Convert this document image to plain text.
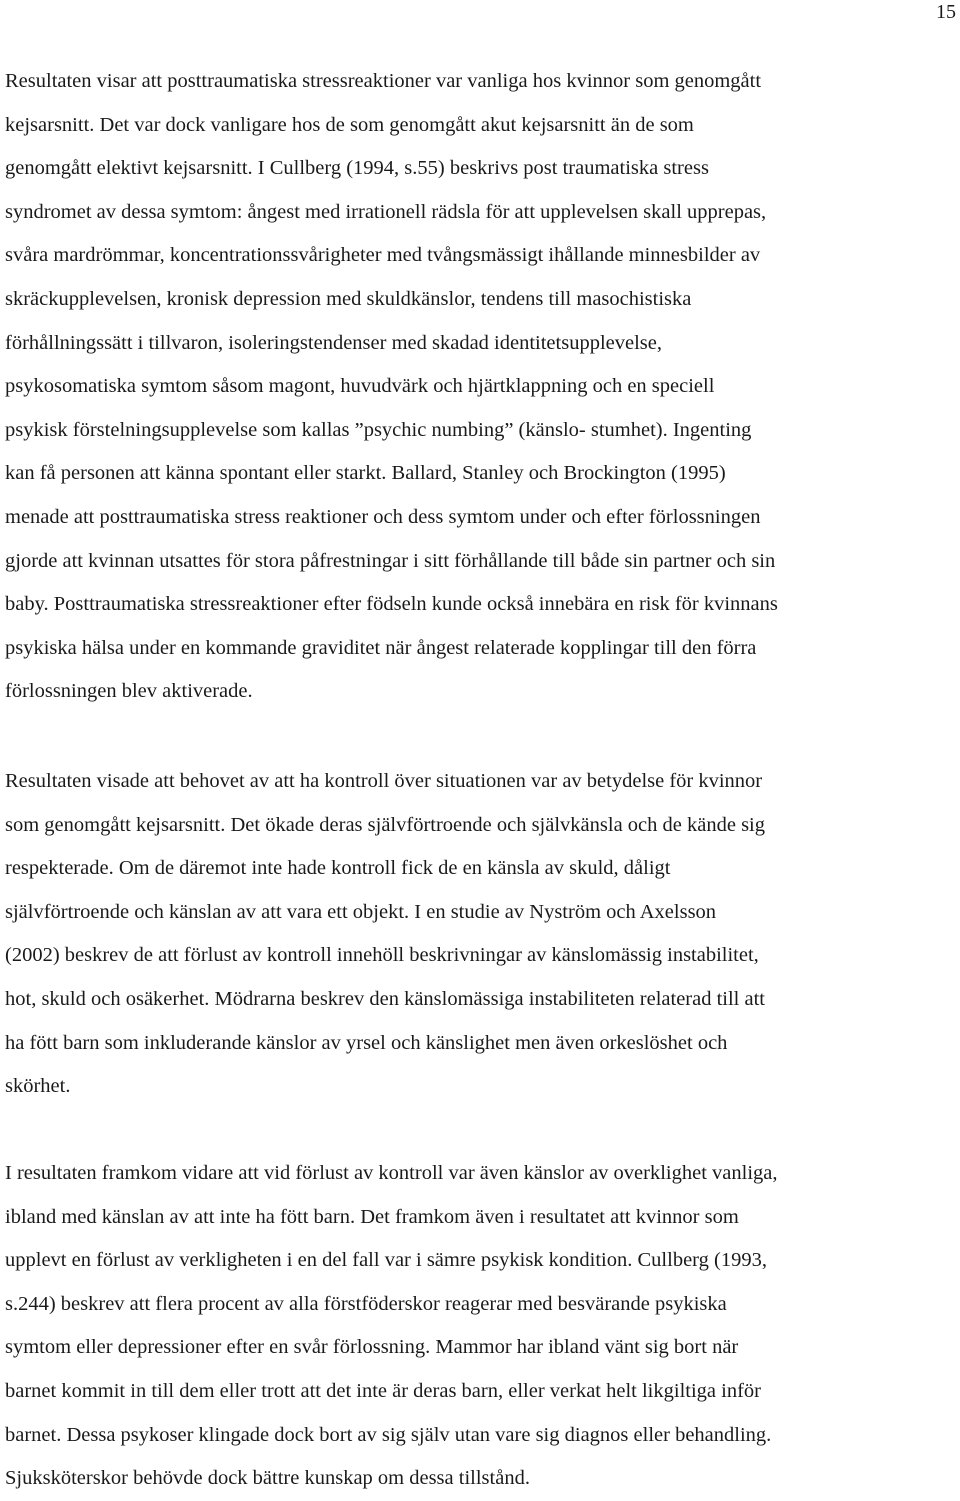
15

Resultaten visar att posttraumatiska stressreaktioner var vanliga hos kvinnor som genomgått
kejsarsnitt. Det var dock vanligare hos de som genomgått akut kejsarsnitt än de som
genomgått elektivt kejsarsnitt. I Cullberg (1994, s.55) beskrivs post traumatiska stress
syndromet av dessa symtom: ångest med irrationell rädsla för att upplevelsen skall upprepas,
svåra mardrömmar, koncentrationssvårigheter med tvångsmässigt ihållande minnesbilder av
skräckupplevelsen, kronisk depression med skuldkänslor, tendens till masochistiska
förhållningssätt i tillvaron, isoleringstendenser med skadad identitetsupplevelse,
psykosomatiska symtom såsom magont, huvudvärk och hjärtklappning och en speciell
psykisk förstelningsupplevelse som kallas ”psychic numbing” (känslo- stumhet). Ingenting
kan få personen att känna spontant eller starkt. Ballard, Stanley och Brockington (1995)
menade att posttraumatiska stress reaktioner och dess symtom under och efter förlossningen
gjorde att kvinnan utsattes för stora påfrestningar i sitt förhållande till både sin partner och sin
baby. Posttraumatiska stressreaktioner efter födseln kunde också innebära en risk för kvinnans
psykiska hälsa under en kommande graviditet när ångest relaterade kopplingar till den förra
förlossningen blev aktiverade.

Resultaten visade att behovet av att ha kontroll över situationen var av betydelse för kvinnor
som genomgått kejsarsnitt. Det ökade deras självförtroende och självkänsla och de kände sig
respekterade. Om de däremot inte hade kontroll fick de en känsla av skuld, dåligt
självförtroende och känslan av att vara ett objekt. I en studie av Nyström och Axelsson
(2002) beskrev de att förlust av kontroll innehöll beskrivningar av känslomässig instabilitet,
hot, skuld och osäkerhet. Mödrarna beskrev den känslomässiga instabiliteten relaterad till att
ha fött barn som inkluderande känslor av yrsel och känslighet men även orkeslöshet och
skörhet.

I resultaten framkom vidare att vid förlust av kontroll var även känslor av overklighet vanliga,
ibland med känslan av att inte ha fött barn. Det framkom även i resultatet att kvinnor som
upplevt en förlust av verkligheten i en del fall var i sämre psykisk kondition. Cullberg (1993,
s.244) beskrev att flera procent av alla förstföderskor reagerar med besvärande psykiska
symtom eller depressioner efter en svår förlossning. Mammor har ibland vänt sig bort när
barnet kommit in till dem eller trott att det inte är deras barn, eller verkat helt likgiltiga inför
barnet. Dessa psykoser klingade dock bort av sig själv utan vare sig diagnos eller behandling.
Sjuksköterskor behövde dock bättre kunskap om dessa tillstånd.
